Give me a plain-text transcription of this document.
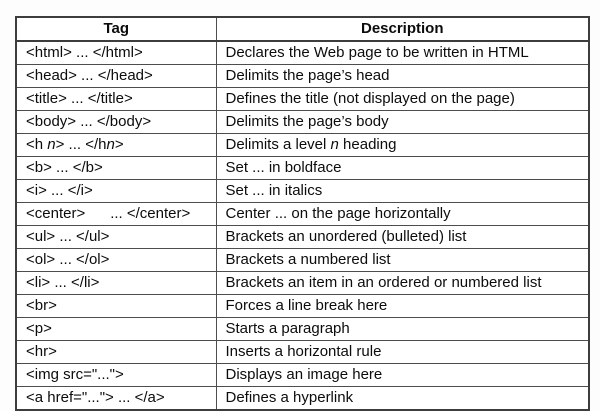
Tag	Description
<html> ... </html>	Declares the Web page to be written in HTML
<head> ... </head>	Delimits the page’s head
<title> ... </title>	Defines the title (not displayed on the page)
<body> ... </body>	Delimits the page’s body
<h n> ... </hn>	Delimits a level n heading
<b> ... </b>	Set ... in boldface
<i> ... </i>	Set ... in italics
<center>      ... </center>	Center ... on the page horizontally
<ul> ... </ul>	Brackets an unordered (bulleted) list
<ol> ... </ol>	Brackets a numbered list
<li> ... </li>	Brackets an item in an ordered or numbered list
<br>	Forces a line break here
<p>	Starts a paragraph
<hr>	Inserts a horizontal rule
<img src="...">	Displays an image here
<a href="..."> ... </a>	Defines a hyperlink
